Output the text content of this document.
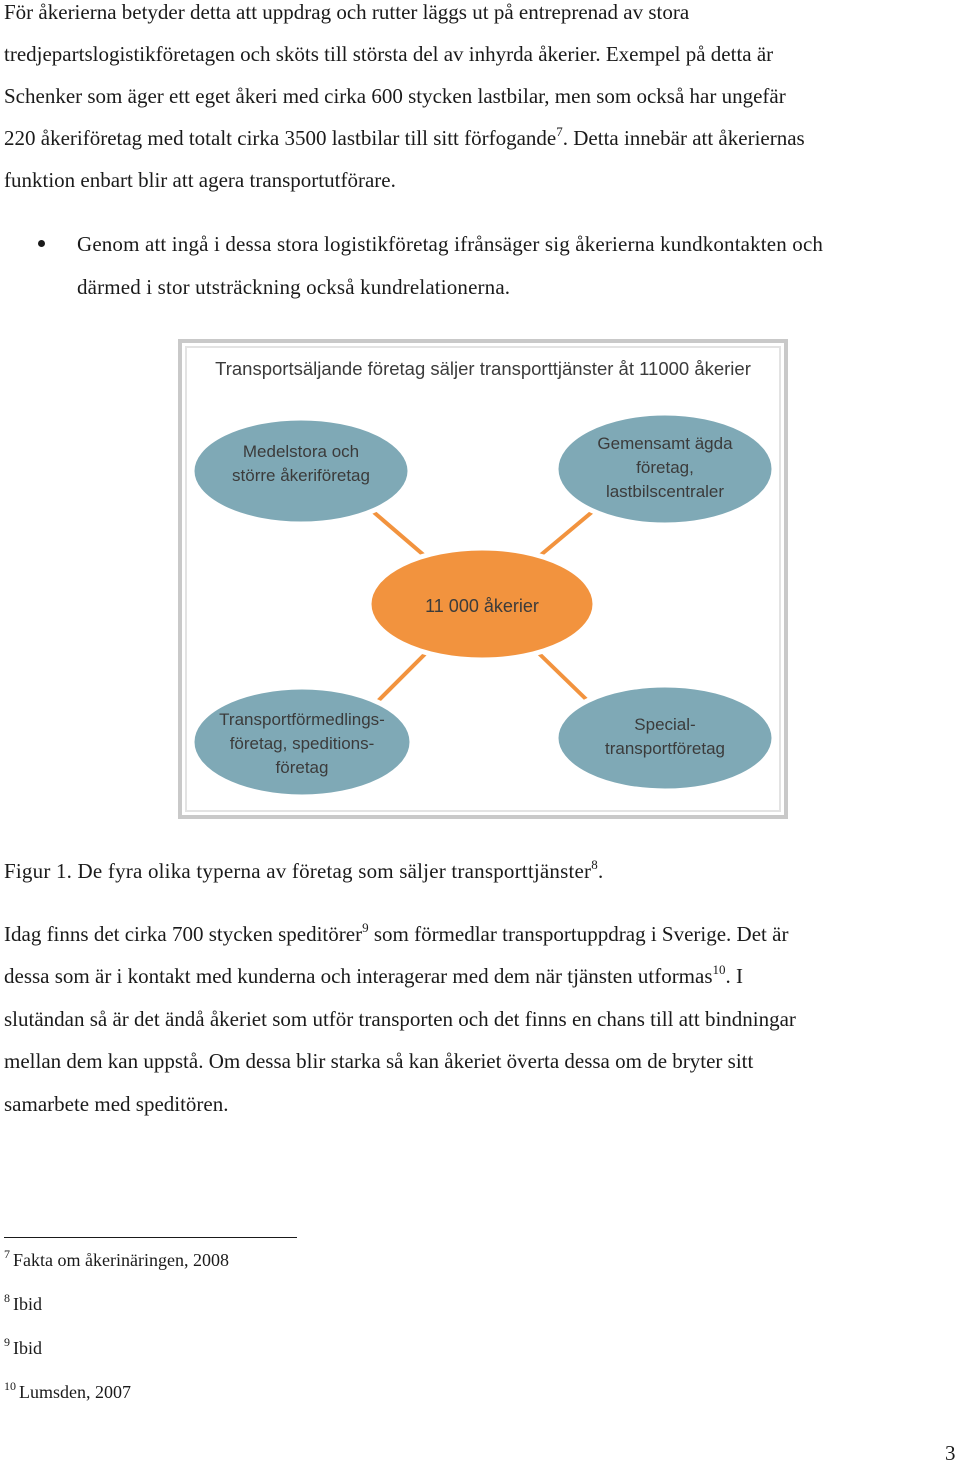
För åkerierna betyder detta att uppdrag och rutter läggs ut på entreprenad av stora
tredjepartslogistikföretagen och sköts till största del av inhyrda åkerier. Exempel på detta är
Schenker som äger ett eget åkeri med cirka 600 stycken lastbilar, men som också har ungefär
220 åkeriföretag med totalt cirka 3500 lastbilar till sitt förfogande$^7$. Detta innebär att åkeriernas
funktion enbart blir att agera transportutförare.
Genom att ingå i dessa stora logistikföretag ifrånsäger sig åkerierna kundkontakten och
därmed i stor utsträckning också kundrelationerna.
Transportsäljande företag säljer transporttjänster åt 11000 åkerier
Medelstora och
större åkeriföretag
Gemensamt ägda
företag,
lastbilscentraler
11 000 åkerier
Transportförmedlings-
företag, speditions-
företag
Special-
transportföretag
Figur 1. De fyra olika typerna av företag som säljer transporttjänster$^8$.
Idag finns det cirka 700 stycken speditörer$^9$ som förmedlar transportuppdrag i Sverige. Det är
dessa som är i kontakt med kunderna och interagerar med dem när tjänsten utformas$^{10}$. I
slutändan så är det ändå åkeriet som utför transporten och det finns en chans till att bindningar
mellan dem kan uppstå. Om dessa blir starka så kan åkeriet överta dessa om de bryter sitt
samarbete med speditören.
$^7$ Fakta om åkerinäringen, 2008
$^8$ Ibid
$^9$ Ibid
$^{10}$ Lumsden, 2007
3
